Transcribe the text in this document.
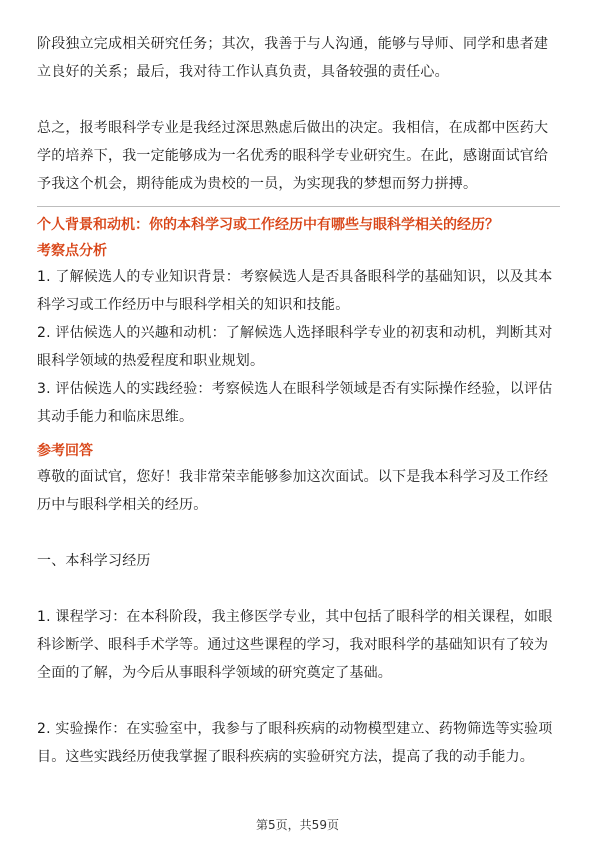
阶段独立完成相关研究任务；其次，我善于与人沟通，能够与导师、同学和患者建立良好的关系；最后，我对待工作认真负责，具备较强的责任心。

总之，报考眼科学专业是我经过深思熟虑后做出的决定。我相信，在成都中医药大学的培养下，我一定能够成为一名优秀的眼科学专业研究生。在此，感谢面试官给予我这个机会，期待能成为贵校的一员，为实现我的梦想而努力拼搏。

个人背景和动机：你的本科学习或工作经历中有哪些与眼科学相关的经历？

考察点分析

1. 了解候选人的专业知识背景：考察候选人是否具备眼科学的基础知识，以及其本科学习或工作经历中与眼科学相关的知识和技能。

2. 评估候选人的兴趣和动机：了解候选人选择眼科学专业的初衷和动机，判断其对眼科学领域的热爱程度和职业规划。

3. 评估候选人的实践经验：考察候选人在眼科学领域是否有实际操作经验，以评估其动手能力和临床思维。

参考回答

尊敬的面试官，您好！我非常荣幸能够参加这次面试。以下是我本科学习及工作经历中与眼科学相关的经历。

一、本科学习经历

1. 课程学习：在本科阶段，我主修医学专业，其中包括了眼科学的相关课程，如眼科诊断学、眼科手术学等。通过这些课程的学习，我对眼科学的基础知识有了较为全面的了解，为今后从事眼科学领域的研究奠定了基础。

2. 实验操作：在实验室中，我参与了眼科疾病的动物模型建立、药物筛选等实验项目。这些实践经历使我掌握了眼科疾病的实验研究方法，提高了我的动手能力。

第5页，共59页
